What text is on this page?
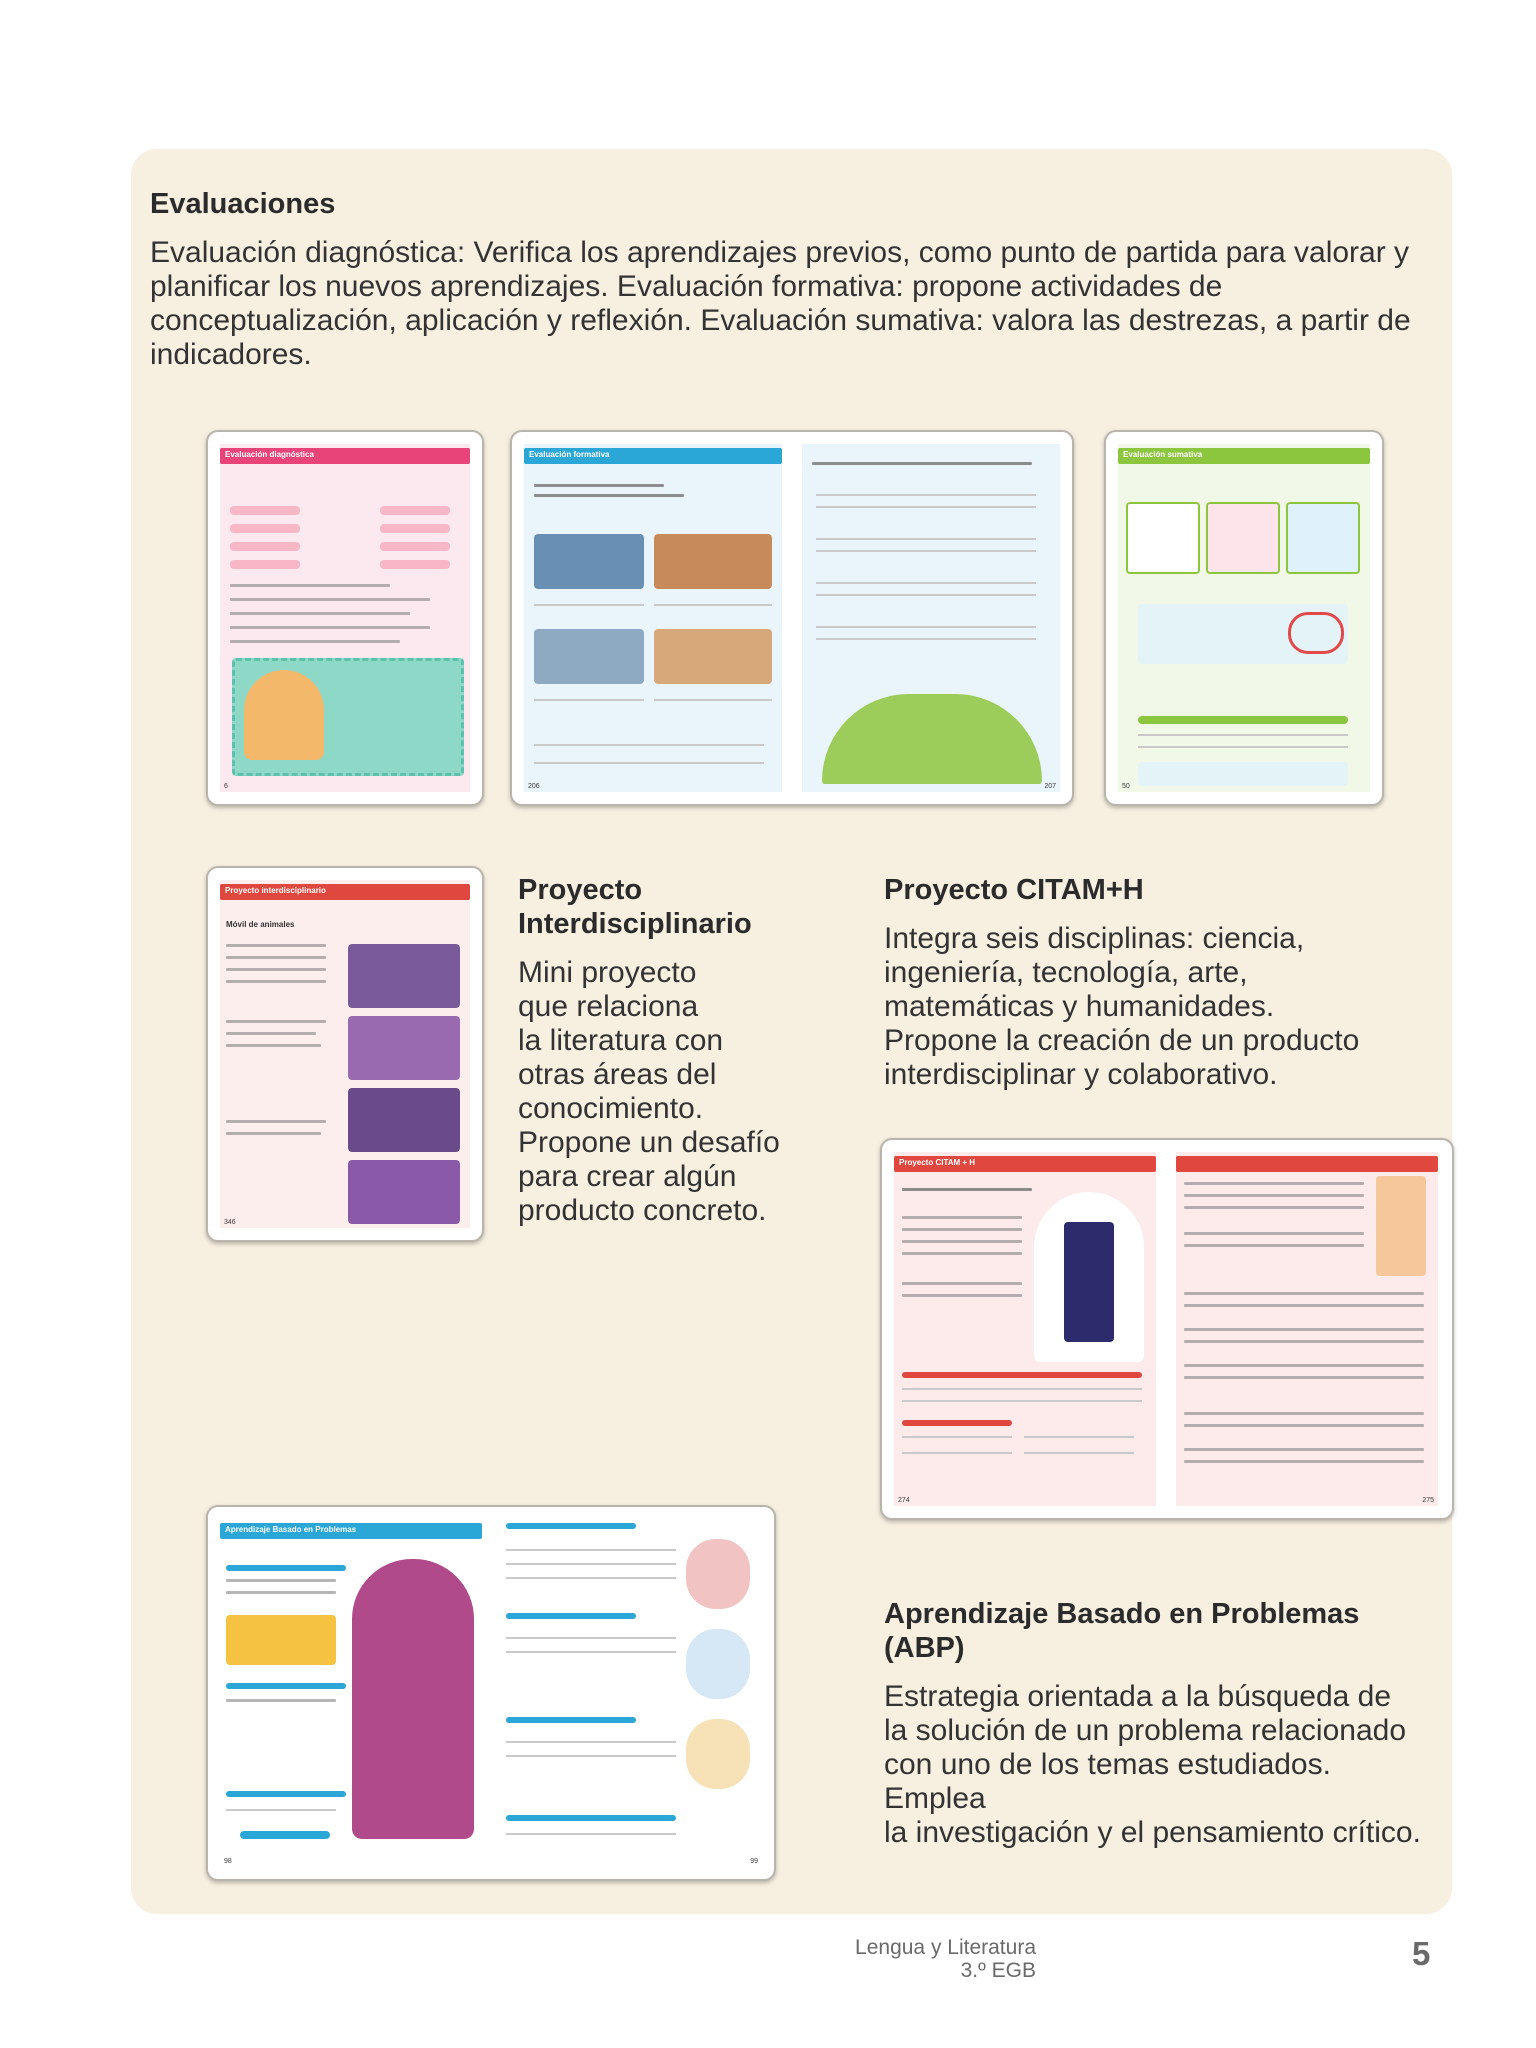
Evaluaciones
Evaluación diagnóstica: Verifica los aprendizajes previos, como punto de partida para valorar y planificar los nuevos aprendizajes. Evaluación formativa: propone actividades de conceptualización, aplicación y reflexión. Evaluación sumativa: valora las destrezas, a partir de indicadores.
Evaluación diagnóstica
6
Evaluación formativa
206	207
Evaluación sumativa
50
Proyecto interdisciplinario
Móvil de animales
346
Proyecto
Interdisciplinario
Mini proyecto
que relaciona
la literatura con
otras áreas del
conocimiento.
Propone un desafío
para crear algún
producto concreto.
Proyecto CITAM+H
Integra seis disciplinas: ciencia,
ingeniería, tecnología, arte,
matemáticas y humanidades.
Propone la creación de un producto
interdisciplinar y colaborativo.
Proyecto CITAM + H
274	275
Aprendizaje Basado en Problemas
98	99
Aprendizaje Basado en Problemas
(ABP)
Estrategia orientada a la búsqueda de
la solución de un problema relacionado
con uno de los temas estudiados.
Emplea
la investigación y el pensamiento crítico.
Lengua y Literatura
3.º EGB	5
